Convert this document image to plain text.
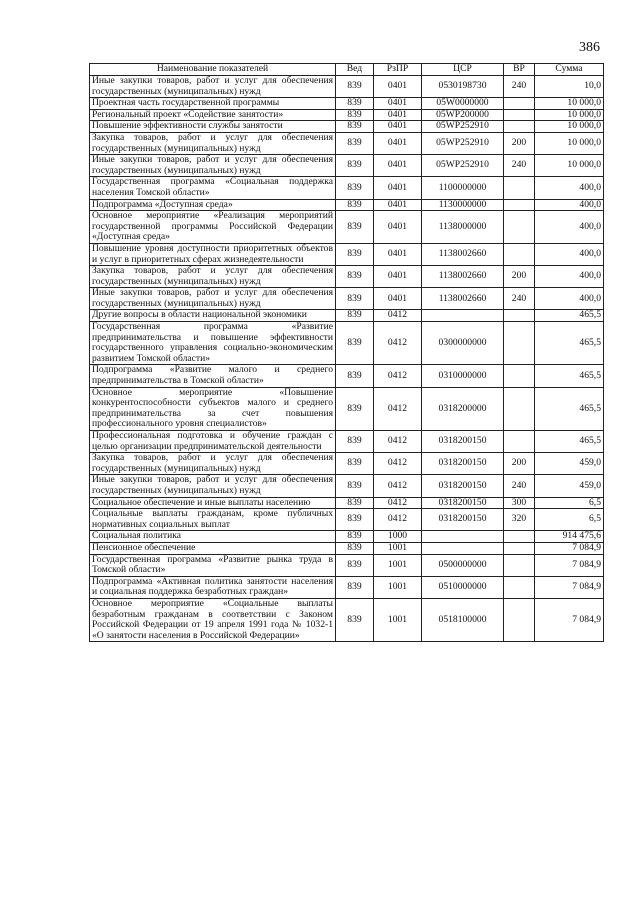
386
Наименование показателей	Вед	РзПР	ЦСР	ВР	Сумма
Иные закупки товаров, работ и услуг для обеспечения государственных (муниципальных) нужд	839	0401	0530198730	240	10,0
Проектная часть государственной программы	839	0401	05W0000000		10 000,0
Региональный проект «Содействие занятости»	839	0401	05WP200000		10 000,0
Повышение эффективности службы занятости	839	0401	05WP252910		10 000,0
Закупка товаров, работ и услуг для обеспечения государственных (муниципальных) нужд	839	0401	05WP252910	200	10 000,0
Иные закупки товаров, работ и услуг для обеспечения государственных (муниципальных) нужд	839	0401	05WP252910	240	10 000,0
Государственная программа «Социальная поддержка населения Томской области»	839	0401	1100000000		400,0
Подпрограмма «Доступная среда»	839	0401	1130000000		400,0
Основное мероприятие «Реализация мероприятий государственной программы Российской Федерации «Доступная среда»	839	0401	1138000000		400,0
Повышение уровня доступности приоритетных объектов и услуг в приоритетных сферах жизнедеятельности	839	0401	1138002660		400,0
Закупка товаров, работ и услуг для обеспечения государственных (муниципальных) нужд	839	0401	1138002660	200	400,0
Иные закупки товаров, работ и услуг для обеспечения государственных (муниципальных) нужд	839	0401	1138002660	240	400,0
Другие вопросы в области национальной экономики	839	0412			465,5
Государственная программа «Развитие предпринимательства и повышение эффективности государственного управления социально-экономическим развитием Томской области»	839	0412	0300000000		465,5
Подпрограмма «Развитие малого и среднего предпринимательства в Томской области»	839	0412	0310000000		465,5
Основное мероприятие «Повышение конкурентоспособности субъектов малого и среднего предпринимательства за счет повышения профессионального уровня специалистов»	839	0412	0318200000		465,5
Профессиональная подготовка и обучение граждан с целью организации предпринимательской деятельности	839	0412	0318200150		465,5
Закупка товаров, работ и услуг для обеспечения государственных (муниципальных) нужд	839	0412	0318200150	200	459,0
Иные закупки товаров, работ и услуг для обеспечения государственных (муниципальных) нужд	839	0412	0318200150	240	459,0
Социальное обеспечение и иные выплаты населению	839	0412	0318200150	300	6,5
Социальные выплаты гражданам, кроме публичных нормативных социальных выплат	839	0412	0318200150	320	6,5
Социальная политика	839	1000			914 475,6
Пенсионное обеспечение	839	1001			7 084,9
Государственная программа «Развитие рынка труда в Томской области»	839	1001	0500000000		7 084,9
Подпрограмма «Активная политика занятости населения и социальная поддержка безработных граждан»	839	1001	0510000000		7 084,9
Основное мероприятие «Социальные выплаты безработным гражданам в соответствии с Законом Российской Федерации от 19 апреля 1991 года № 1032-1 «О занятости населения в Российской Федерации»	839	1001	0518100000		7 084,9
